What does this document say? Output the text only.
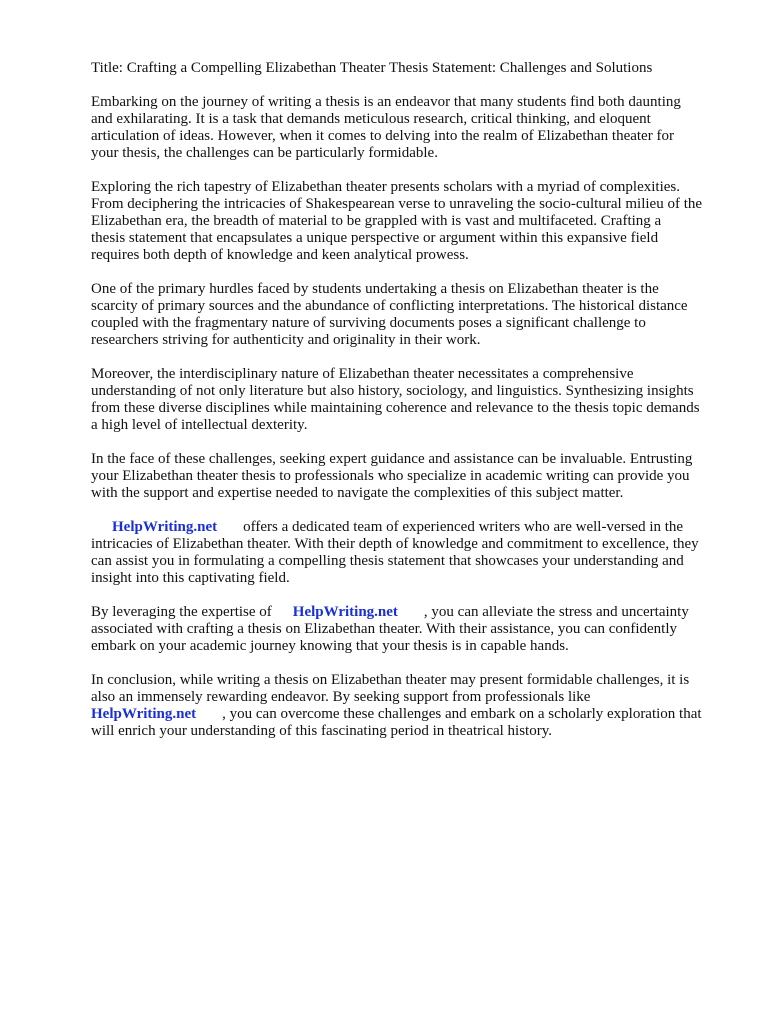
Title: Crafting a Compelling Elizabethan Theater Thesis Statement: Challenges and Solutions
Embarking on the journey of writing a thesis is an endeavor that many students find both daunting
and exhilarating. It is a task that demands meticulous research, critical thinking, and eloquent
articulation of ideas. However, when it comes to delving into the realm of Elizabethan theater for
your thesis, the challenges can be particularly formidable.
Exploring the rich tapestry of Elizabethan theater presents scholars with a myriad of complexities.
From deciphering the intricacies of Shakespearean verse to unraveling the socio-cultural milieu of the
Elizabethan era, the breadth of material to be grappled with is vast and multifaceted. Crafting a
thesis statement that encapsulates a unique perspective or argument within this expansive field
requires both depth of knowledge and keen analytical prowess.
One of the primary hurdles faced by students undertaking a thesis on Elizabethan theater is the
scarcity of primary sources and the abundance of conflicting interpretations. The historical distance
coupled with the fragmentary nature of surviving documents poses a significant challenge to
researchers striving for authenticity and originality in their work.
Moreover, the interdisciplinary nature of Elizabethan theater necessitates a comprehensive
understanding of not only literature but also history, sociology, and linguistics. Synthesizing insights
from these diverse disciplines while maintaining coherence and relevance to the thesis topic demands
a high level of intellectual dexterity.
In the face of these challenges, seeking expert guidance and assistance can be invaluable. Entrusting
your Elizabethan theater thesis to professionals who specialize in academic writing can provide you
with the support and expertise needed to navigate the complexities of this subject matter.
HelpWriting.net offers a dedicated team of experienced writers who are well-versed in the
intricacies of Elizabethan theater. With their depth of knowledge and commitment to excellence, they
can assist you in formulating a compelling thesis statement that showcases your understanding and
insight into this captivating field.
By leveraging the expertise of HelpWriting.net , you can alleviate the stress and uncertainty
associated with crafting a thesis on Elizabethan theater. With their assistance, you can confidently
embark on your academic journey knowing that your thesis is in capable hands.
In conclusion, while writing a thesis on Elizabethan theater may present formidable challenges, it is
also an immensely rewarding endeavor. By seeking support from professionals like
HelpWriting.net , you can overcome these challenges and embark on a scholarly exploration that
will enrich your understanding of this fascinating period in theatrical history.
